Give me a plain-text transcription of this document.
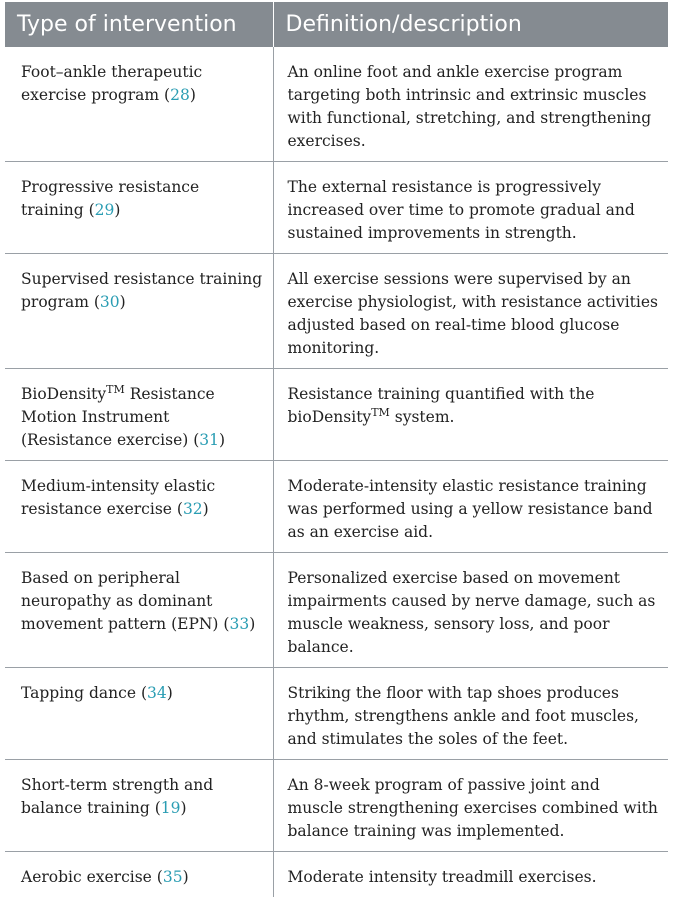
Type of intervention	Definition/description
Foot–ankle therapeutic exercise program (28)	An online foot and ankle exercise program targeting both intrinsic and extrinsic muscles with functional, stretching, and strengthening exercises.
Progressive resistance training (29)	The external resistance is progressively increased over time to promote gradual and sustained improvements in strength.
Supervised resistance training program (30)	All exercise sessions were supervised by an exercise physiologist, with resistance activities adjusted based on real-time blood glucose monitoring.
BioDensity™ Resistance Motion Instrument (Resistance exercise) (31)	Resistance training quantified with the bioDensity™ system.
Medium-intensity elastic resistance exercise (32)	Moderate-intensity elastic resistance training was performed using a yellow resistance band as an exercise aid.
Based on peripheral neuropathy as dominant movement pattern (EPN) (33)	Personalized exercise based on movement impairments caused by nerve damage, such as muscle weakness, sensory loss, and poor balance.
Tapping dance (34)	Striking the floor with tap shoes produces rhythm, strengthens ankle and foot muscles, and stimulates the soles of the feet.
Short-term strength and balance training (19)	An 8-week program of passive joint and muscle strengthening exercises combined with balance training was implemented.
Aerobic exercise (35)	Moderate intensity treadmill exercises.
